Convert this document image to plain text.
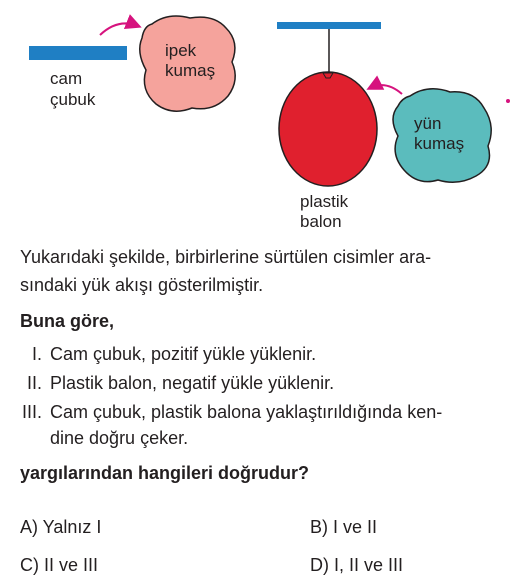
cam
çubuk
ipek
kumaş
plastik
balon
yün
kumaş
Yukarıdaki şekilde, birbirlerine sürtülen cisimler ara-
sındaki yük akışı gösterilmiştir.
Buna göre,
I. Cam çubuk, pozitif yükle yüklenir.
II. Plastik balon, negatif yükle yüklenir.
III. Cam çubuk, plastik balona yaklaştırıldığında ken-
dine doğru çeker.
yargılarından hangileri doğrudur?
A) Yalnız I	B) I ve II
C) II ve III	D) I, II ve III
